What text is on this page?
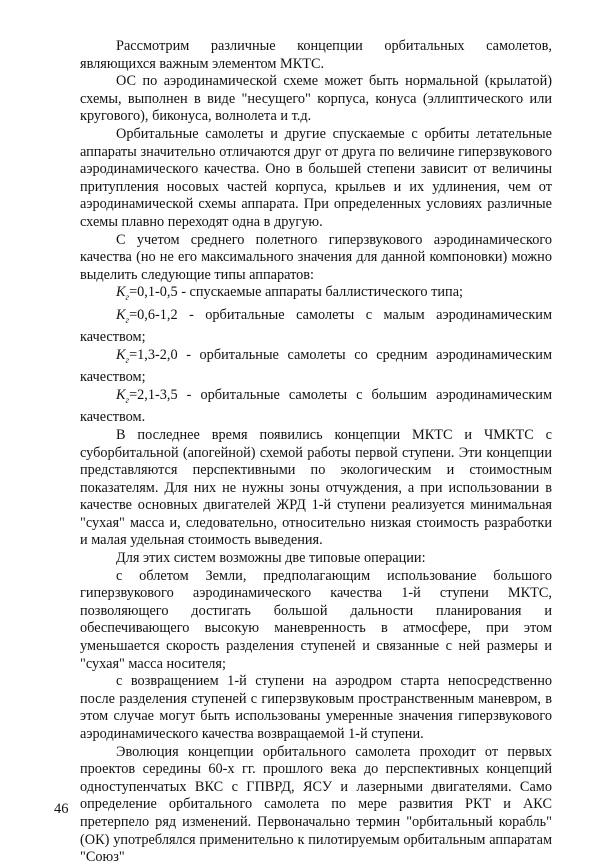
Рассмотрим различные концепции орбитальных самолетов, являющихся важным элементом МКТС.

ОС по аэродинамической схеме может быть нормальной (крылатой) схемы, выполнен в виде "несущего" корпуса, конуса (эллиптического или кругового), биконуса, волнолета и т.д.

Орбитальные самолеты и другие спускаемые с орбиты летательные аппараты значительно отличаются друг от друга по величине гиперзвукового аэродинамического качества. Оно в большей степени зависит от величины притупления носовых частей корпуса, крыльев и их удлинения, чем от аэродинамической схемы аппарата. При определенных условиях различные схемы плавно переходят одна в другую.

С учетом среднего полетного гиперзвукового аэродинамического качества (но не его максимального значения для данной компоновки) можно выделить следующие типы аппаратов:

$K_г=0,1-0,5$ - спускаемые аппараты баллистического типа;

$K_г=0,6-1,2$ - орбитальные самолеты с малым аэродинамическим качеством;

$K_г=1,3-2,0$ - орбитальные самолеты со средним аэродинамическим качеством;

$K_г=2,1-3,5$ - орбитальные самолеты с большим аэродинамическим качеством.

В последнее время появились концепции МКТС и ЧМКТС с суборбитальной (апогейной) схемой работы первой ступени. Эти концепции представляются перспективными по экологическим и стоимостным показателям. Для них не нужны зоны отчуждения, а при использовании в качестве основных двигателей ЖРД 1-й ступени реализуется минимальная "сухая" масса и, следовательно, относительно низкая стоимость разработки и малая удельная стоимость выведения.

Для этих систем возможны две типовые операции:

с облетом Земли, предполагающим использование большого гиперзвукового аэродинамического качества 1-й ступени МКТС, позволяющего достигать большой дальности планирования и обеспечивающего высокую маневренность в атмосфере, при этом уменьшается скорость разделения ступеней и связанные с ней размеры и "сухая" масса носителя;

с возвращением 1-й ступени на аэродром старта непосредственно после разделения ступеней с гиперзвуковым пространственным маневром, в этом случае могут быть использованы умеренные значения гиперзвукового аэродинамического качества возвращаемой 1-й ступени.

Эволюция концепции орбитального самолета проходит от первых проектов середины 60-х гг. прошлого века до перспективных концепций одноступенчатых ВКС с ГПВРД, ЯСУ и лазерными двигателями. Само определение орбитального самолета по мере развития РКТ и АКС претерпело ряд изменений. Первоначально термин "орбитальный корабль" (ОК) употреблялся применительно к пилотируемым орбитальным аппаратам "Союз"

46
